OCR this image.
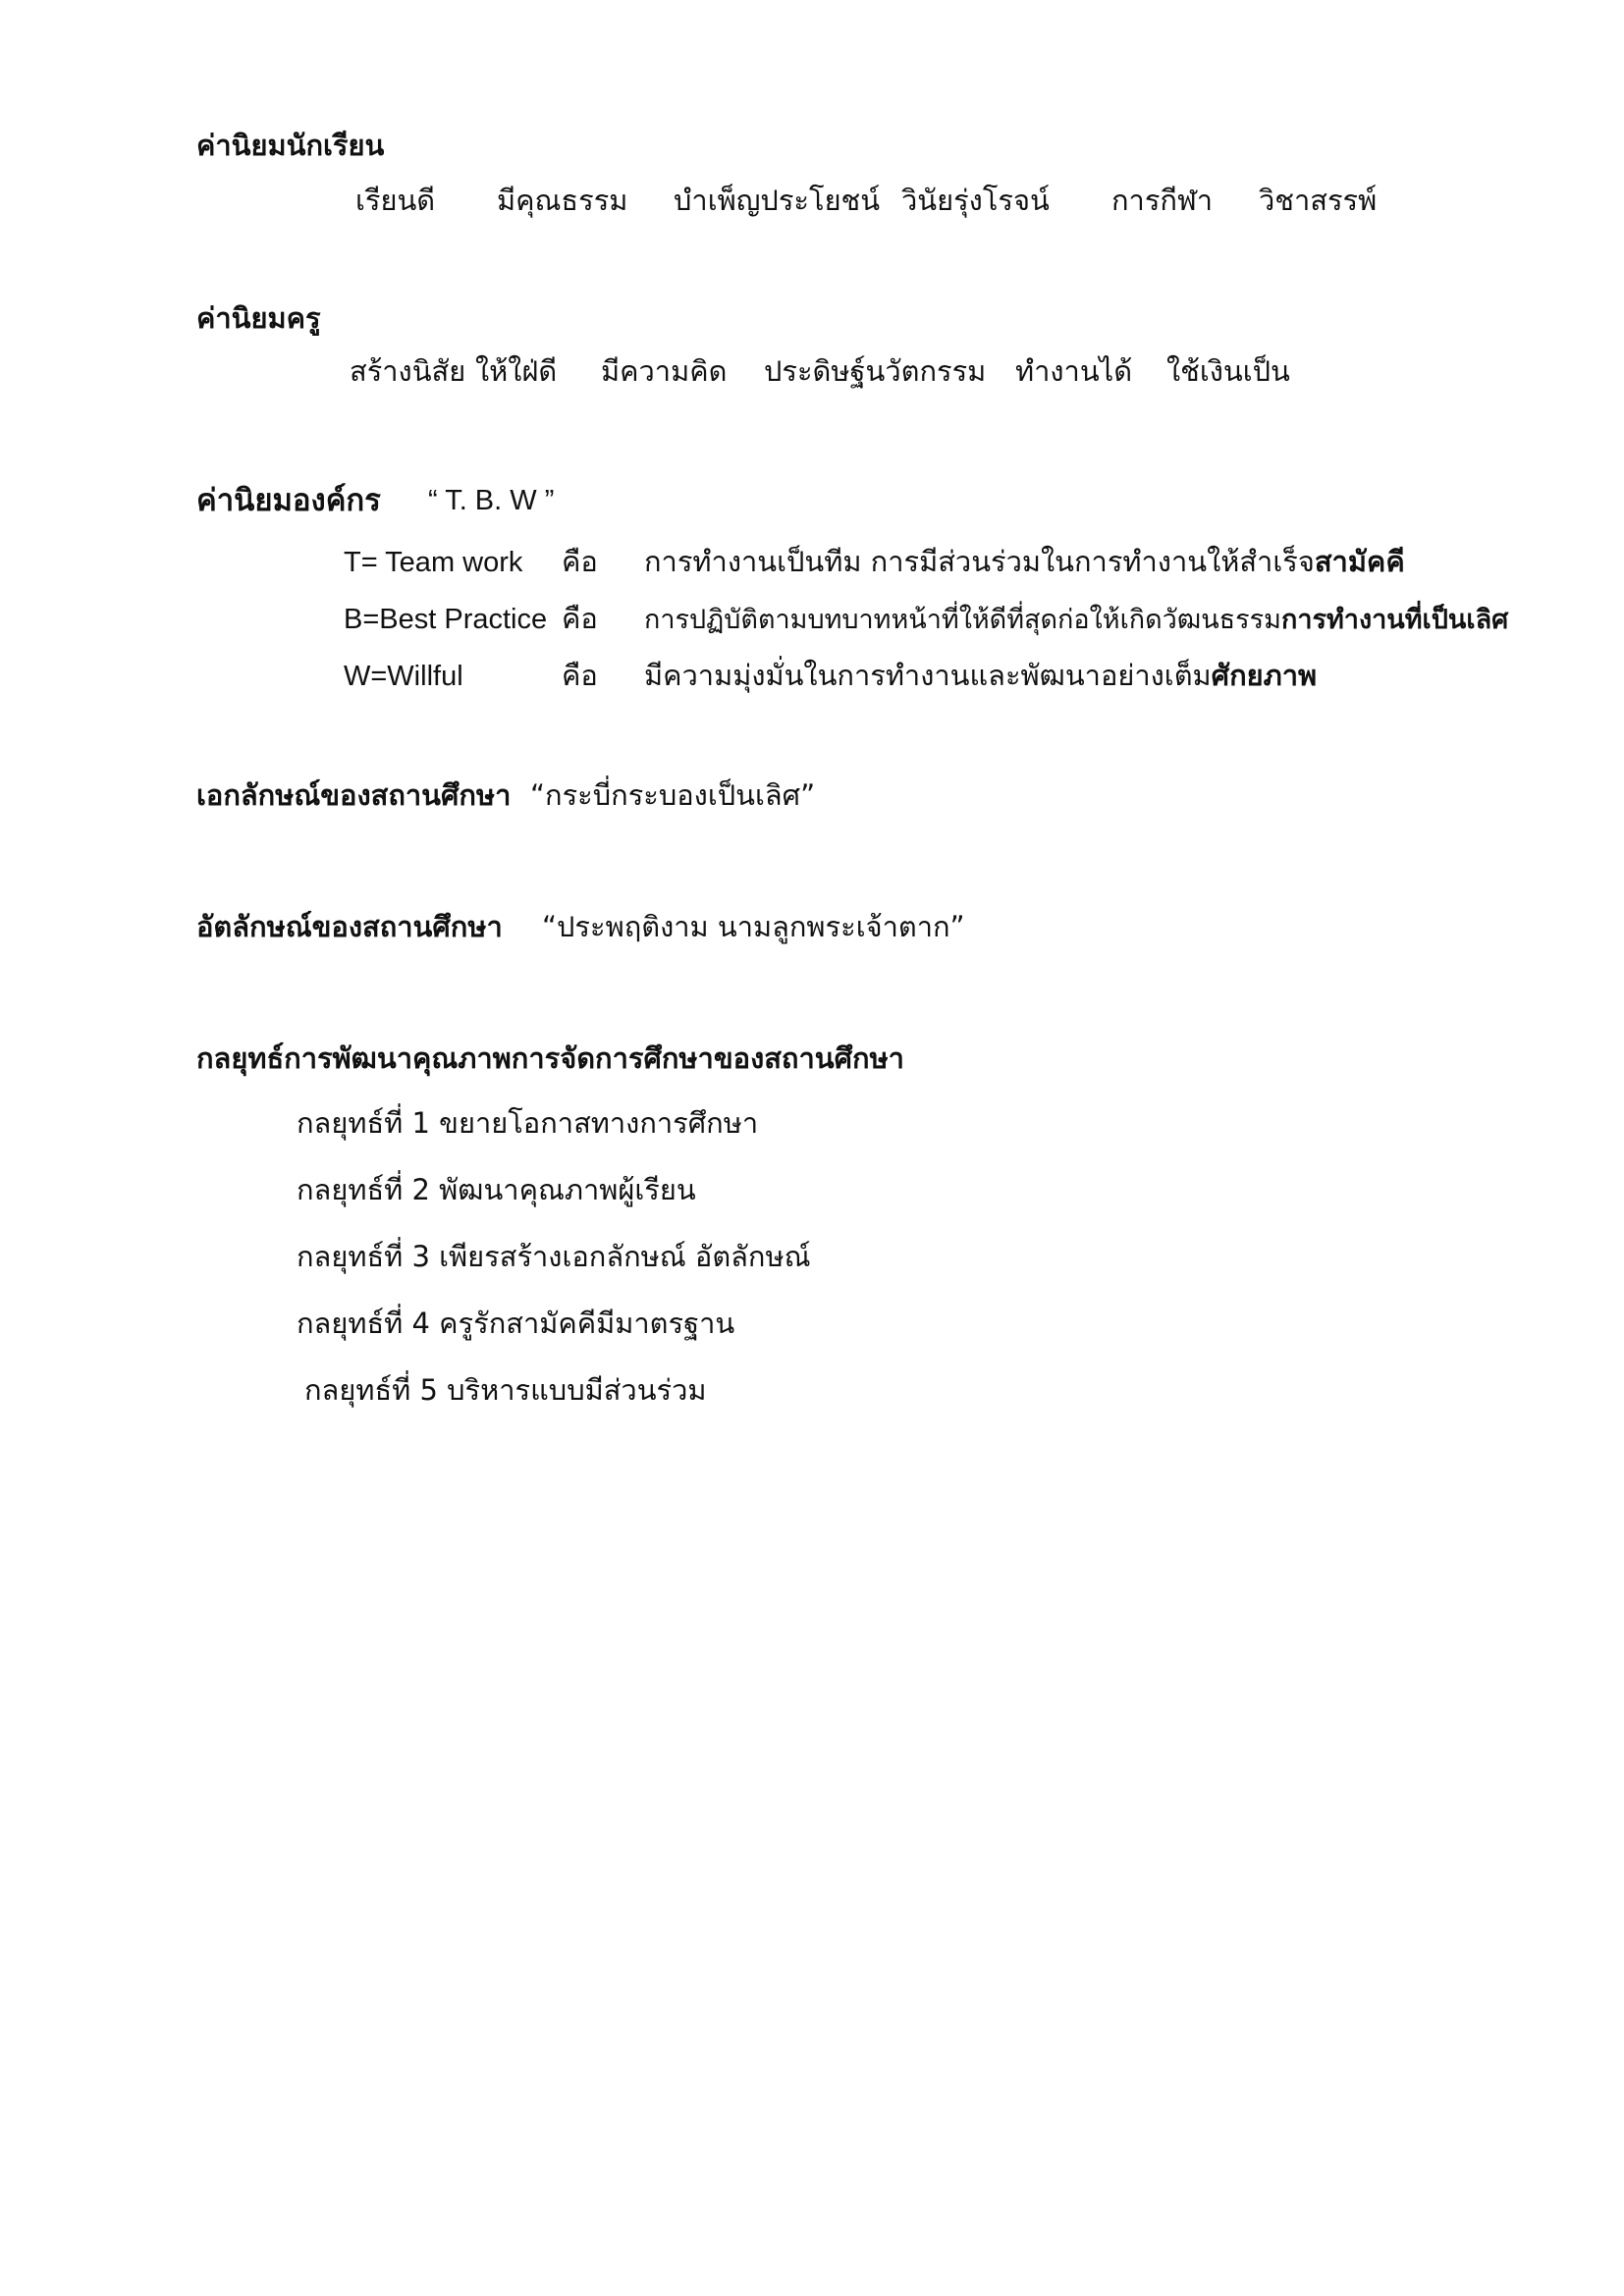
ค่านิยมนักเรียน
เรียนดี มีคุณธรรม บำเพ็ญประโยชน์ วินัยรุ่งโรจน์ การกีฬา วิชาสรรพ์
ค่านิยมครู
สร้างนิสัย ให้ใฝ่ดี มีความคิด ประดิษฐ์นวัตกรรม ทำงานได้ ใช้เงินเป็น
ค่านิยมองค์กร “ T. B. W ”
T= Team work	คือ	การทำงานเป็นทีม การมีส่วนร่วมในการทำงานให้สำเร็จ สามัคคี
B=Best Practice คือ	การปฏิบัติตามบทบาทหน้าที่ให้ดีที่สุดก่อให้เกิดวัฒนธรรม การทำงานที่เป็นเลิศ
W=Willful	คือ	มีความมุ่งมั่นในการทำงานและพัฒนาอย่างเต็ม ศักยภาพ
เอกลักษณ์ของสถานศึกษา “กระบี่กระบองเป็นเลิศ”
อัตลักษณ์ของสถานศึกษา “ประพฤติงาม นามลูกพระเจ้าตาก”
กลยุทธ์การพัฒนาคุณภาพการจัดการศึกษาของสถานศึกษา
กลยุทธ์ที่ 1 ขยายโอกาสทางการศึกษา
กลยุทธ์ที่ 2 พัฒนาคุณภาพผู้เรียน
กลยุทธ์ที่ 3 เพียรสร้างเอกลักษณ์ อัตลักษณ์
กลยุทธ์ที่ 4 ครูรักสามัคคีมีมาตรฐาน
กลยุทธ์ที่ 5 บริหารแบบมีส่วนร่วม
